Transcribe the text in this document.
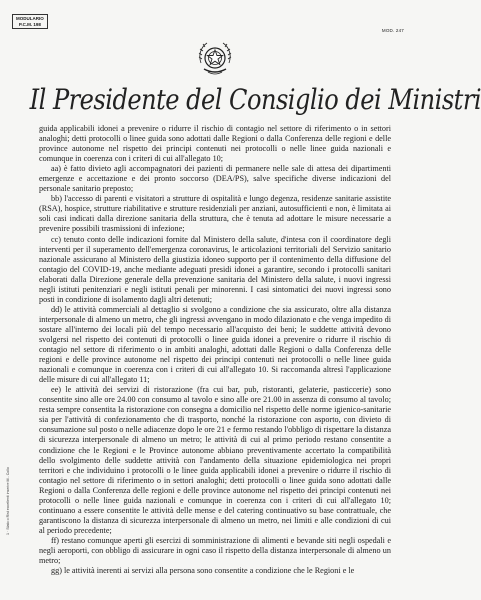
MODULARIO
P.C.M. 198
MOD. 247
Il Presidente del Consiglio dei Ministri
1 · Stato o Rist eccellenti inserire M - Collo

guida applicabili idonei a prevenire o ridurre il rischio di contagio nel settore di riferimento o in settori analoghi; detti protocolli o linee guida sono adottati dalle Regioni o dalla Conferenza delle regioni e delle province autonome nel rispetto dei principi contenuti nei protocolli o nelle linee guida nazionali e comunque in coerenza con i criteri di cui all'allegato 10;

aa) è fatto divieto agli accompagnatori dei pazienti di permanere nelle sale di attesa dei dipartimenti emergenze e accettazione e dei pronto soccorso (DEA/PS), salve specifiche diverse indicazioni del personale sanitario preposto;

bb) l'accesso di parenti e visitatori a strutture di ospitalità e lungo degenza, residenze sanitarie assistite (RSA), hospice, strutture riabilitative e strutture residenziali per anziani, autosufficienti e non, è limitata ai soli casi indicati dalla direzione sanitaria della struttura, che è tenuta ad adottare le misure necessarie a prevenire possibili trasmissioni di infezione;

cc) tenuto conto delle indicazioni fornite dal Ministero della salute, d'intesa con il coordinatore degli interventi per il superamento dell'emergenza coronavirus, le articolazioni territoriali del Servizio sanitario nazionale assicurano al Ministero della giustizia idoneo supporto per il contenimento della diffusione del contagio del COVID-19, anche mediante adeguati presidi idonei a garantire, secondo i protocolli sanitari elaborati dalla Direzione generale della prevenzione sanitaria del Ministero della salute, i nuovi ingressi negli istituti penitenziari e negli istituti penali per minorenni. I casi sintomatici dei nuovi ingressi sono posti in condizione di isolamento dagli altri detenuti;

dd) le attività commerciali al dettaglio si svolgono a condizione che sia assicurato, oltre alla distanza interpersonale di almeno un metro, che gli ingressi avvengano in modo dilazionato e che venga impedito di sostare all'interno dei locali più del tempo necessario all'acquisto dei beni; le suddette attività devono svolgersi nel rispetto dei contenuti di protocolli o linee guida idonei a prevenire o ridurre il rischio di contagio nel settore di riferimento o in ambiti analoghi, adottati dalle Regioni o dalla Conferenza delle regioni e delle province autonome nel rispetto dei principi contenuti nei protocolli o nelle linee guida nazionali e comunque in coerenza con i criteri di cui all'allegato 10. Si raccomanda altresì l'applicazione delle misure di cui all'allegato 11;

ee) le attività dei servizi di ristorazione (fra cui bar, pub, ristoranti, gelaterie, pasticcerie) sono consentite sino alle ore 24.00 con consumo al tavolo e sino alle ore 21.00 in assenza di consumo al tavolo; resta sempre consentita la ristorazione con consegna a domicilio nel rispetto delle norme igienico-sanitarie sia per l'attività di confezionamento che di trasporto, nonché la ristorazione con asporto, con divieto di consumazione sul posto o nelle adiacenze dopo le ore 21 e fermo restando l'obbligo di rispettare la distanza di sicurezza interpersonale di almeno un metro; le attività di cui al primo periodo restano consentite a condizione che le Regioni e le Province autonome abbiano preventivamente accertato la compatibilità dello svolgimento delle suddette attività con l'andamento della situazione epidemiologica nei propri territori e che individuino i protocolli o le linee guida applicabili idonei a prevenire o ridurre il rischio di contagio nel settore di riferimento o in settori analoghi; detti protocolli o linee guida sono adottati dalle Regioni o dalla Conferenza delle regioni e delle province autonome nel rispetto dei principi contenuti nei protocolli o nelle linee guida nazionali e comunque in coerenza con i criteri di cui all'allegato 10; continuano a essere consentite le attività delle mense e del catering continuativo su base contrattuale, che garantiscono la distanza di sicurezza interpersonale di almeno un metro, nei limiti e alle condizioni di cui al periodo precedente;

ff) restano comunque aperti gli esercizi di somministrazione di alimenti e bevande siti negli ospedali e negli aeroporti, con obbligo di assicurare in ogni caso il rispetto della distanza interpersonale di almeno un metro;

gg) le attività inerenti ai servizi alla persona sono consentite a condizione che le Regioni e le
